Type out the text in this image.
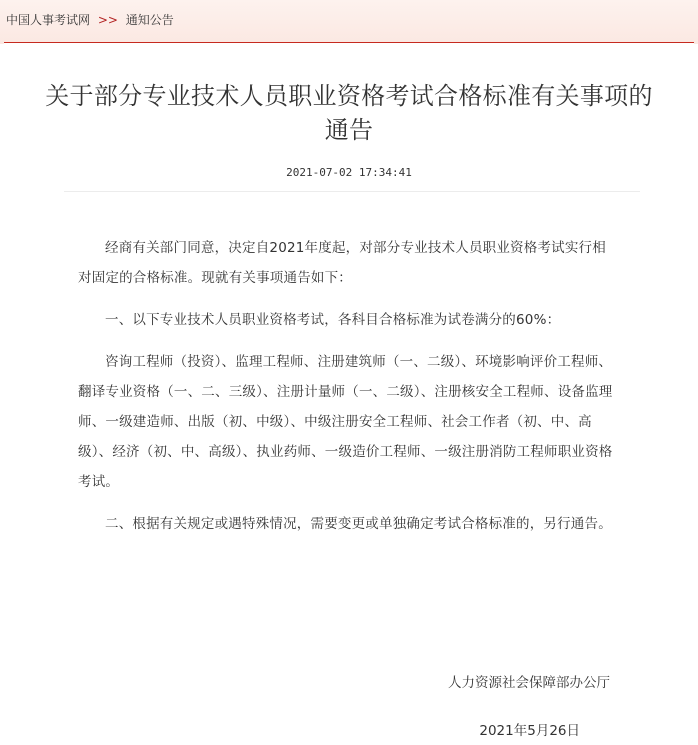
中国人事考试网 >> 通知公告
关于部分专业技术人员职业资格考试合格标准有关事项的通告
2021-07-02 17:34:41

经商有关部门同意，决定自2021年度起，对部分专业技术人员职业资格考试实行相对固定的合格标准。现就有关事项通告如下：

一、以下专业技术人员职业资格考试，各科目合格标准为试卷满分的60%：

咨询工程师（投资）、监理工程师、注册建筑师（一、二级）、环境影响评价工程师、翻译专业资格（一、二、三级）、注册计量师（一、二级）、注册核安全工程师、设备监理师、一级建造师、出版（初、中级）、中级注册安全工程师、社会工作者（初、中、高级）、经济（初、中、高级）、执业药师、一级造价工程师、一级注册消防工程师职业资格考试。

二、根据有关规定或遇特殊情况，需要变更或单独确定考试合格标准的，另行通告。

人力资源社会保障部办公厅
2021年5月26日
